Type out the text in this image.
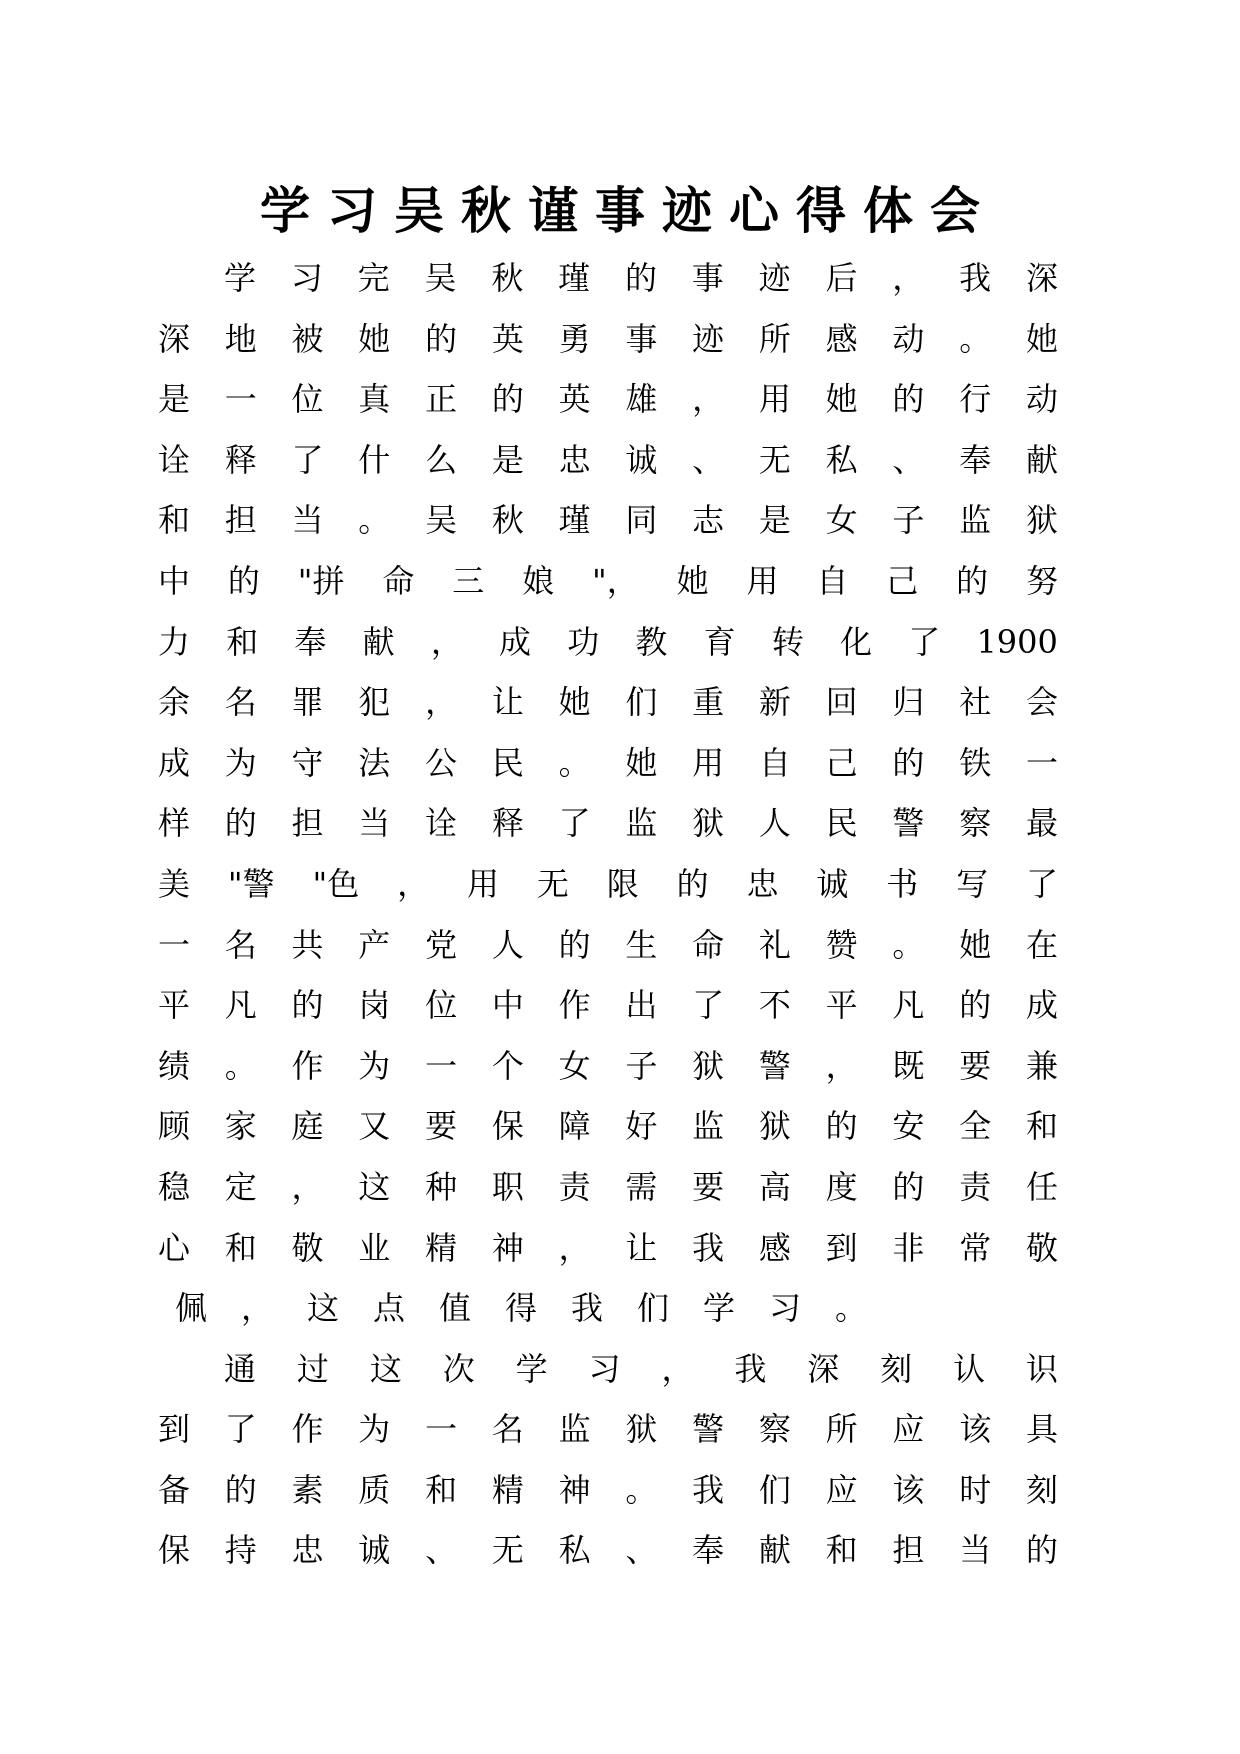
学习吴秋谨事迹心得体会
学 习 完 吴 秋 瑾 的 事 迹 后 ， 我 深
深 地 被 她 的 英 勇 事 迹 所 感 动 。 她
是 一 位 真 正 的 英 雄 ， 用 她 的 行 动
诠 释 了 什 么 是 忠 诚 、 无 私 、 奉 献
和 担 当 。 吴 秋 瑾 同 志 是 女 子 监 狱
中 的 "拼 命 三 娘 "， 她 用 自 己 的 努
力 和 奉 献 ， 成 功 教 育 转 化 了 1900
余 名 罪 犯 ， 让 她 们 重 新 回 归 社 会
成 为 守 法 公 民 。 她 用 自 己 的 铁 一
样 的 担 当 诠 释 了 监 狱 人 民 警 察 最
美 "警 "色 ， 用 无 限 的 忠 诚 书 写 了
一 名 共 产 党 人 的 生 命 礼 赞 。 她 在
平 凡 的 岗 位 中 作 出 了 不 平 凡 的 成
绩 。 作 为 一 个 女 子 狱 警 ， 既 要 兼
顾 家 庭 又 要 保 障 好 监 狱 的 安 全 和
稳 定 ， 这 种 职 责 需 要 高 度 的 责 任
心 和 敬 业 精 神 ， 让 我 感 到 非 常 敬
佩	，	这	点	值	得	我	们	学	习	。
通 过 这 次 学 习 ， 我 深 刻 认 识
到 了 作 为 一 名 监 狱 警 察 所 应 该 具
备 的 素 质 和 精 神 。 我 们 应 该 时 刻
保 持 忠 诚 、 无 私 、 奉 献 和 担 当 的
